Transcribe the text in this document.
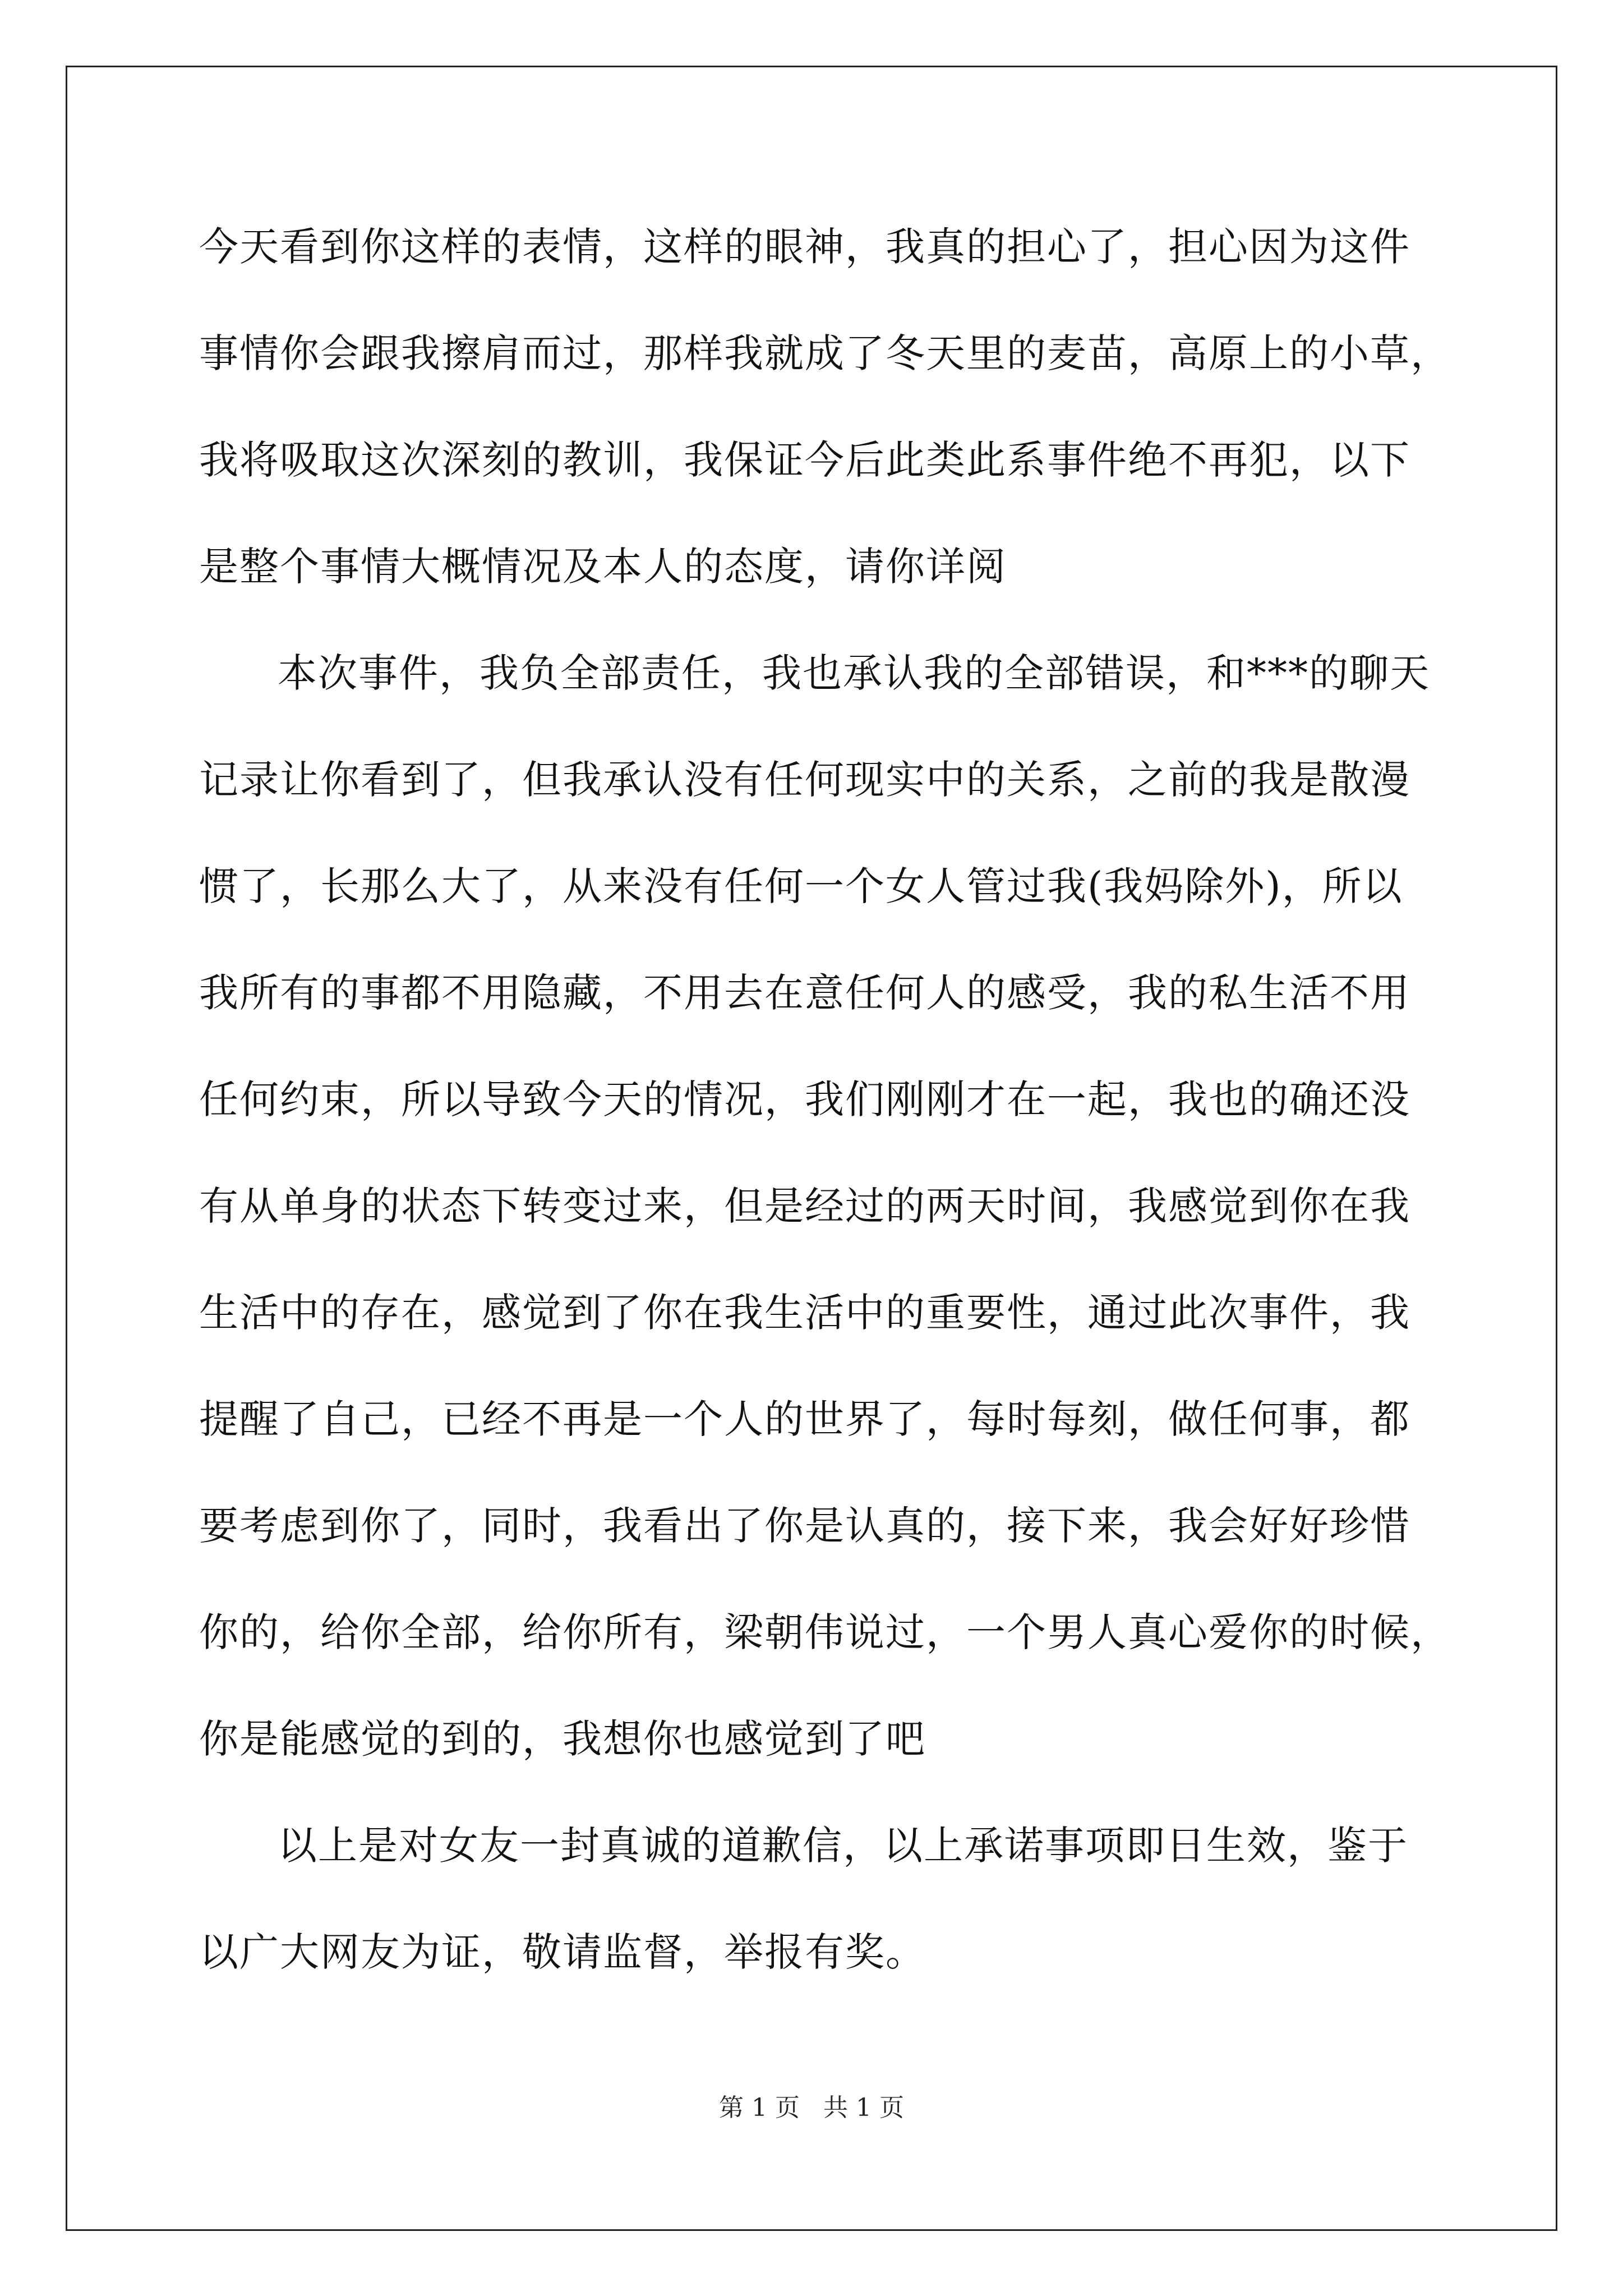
今天看到你这样的表情，这样的眼神，我真的担心了，担心因为这件
事情你会跟我擦肩而过，那样我就成了冬天里的麦苗，高原上的小草，
我将吸取这次深刻的教训，我保证今后此类此系事件绝不再犯，以下
是整个事情大概情况及本人的态度，请你详阅
本次事件，我负全部责任，我也承认我的全部错误，和***的聊天
记录让你看到了，但我承认没有任何现实中的关系，之前的我是散漫
惯了，长那么大了，从来没有任何一个女人管过我(我妈除外)，所以
我所有的事都不用隐藏，不用去在意任何人的感受，我的私生活不用
任何约束，所以导致今天的情况，我们刚刚才在一起，我也的确还没
有从单身的状态下转变过来，但是经过的两天时间，我感觉到你在我
生活中的存在，感觉到了你在我生活中的重要性，通过此次事件，我
提醒了自己，已经不再是一个人的世界了，每时每刻，做任何事，都
要考虑到你了，同时，我看出了你是认真的，接下来，我会好好珍惜
你的，给你全部，给你所有，梁朝伟说过，一个男人真心爱你的时候，
你是能感觉的到的，我想你也感觉到了吧
以上是对女友一封真诚的道歉信，以上承诺事项即日生效，鉴于
以广大网友为证，敬请监督，举报有奖。
第 1 页   共 1 页
